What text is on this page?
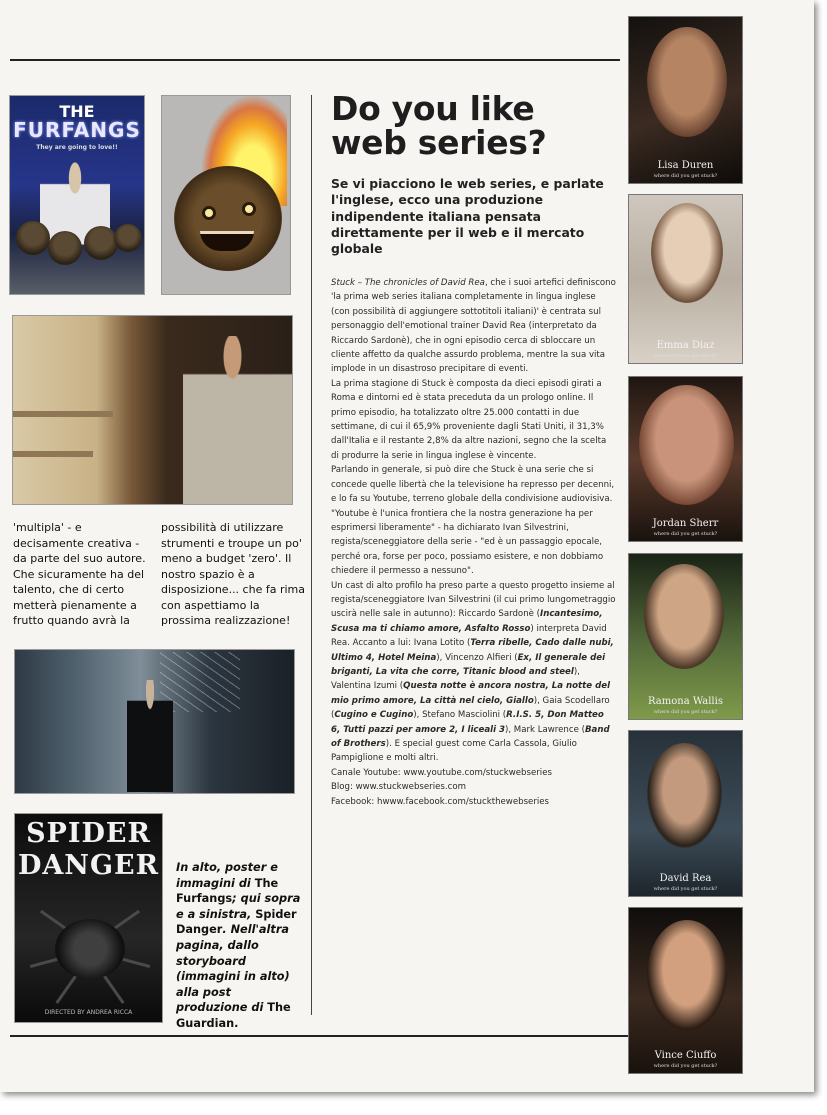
THE
FURFANGS
They are going to love!!
'multipla' - e decisamente creativa - da parte del suo autore. Che sicuramente ha del talento, che di certo metterà pienamente a frutto quando avrà la
possibilità di utilizzare strumenti e troupe un po' meno a budget 'zero'. Il nostro spazio è a disposizione... che fa rima con aspettiamo la prossima realizzazione!
SPIDER
DANGER
DIRECTED BY ANDREA RICCA
In alto, poster e immagini di The Furfangs; qui sopra e a sinistra, Spider Danger. Nell'altra pagina, dallo storyboard (immagini in alto) alla post produzione di The Guardian.
Do you like
web series?
Se vi piacciono le web series, e parlate l'inglese, ecco una produzione indipendente italiana pensata direttamente per il web e il mercato globale

Stuck – The chronicles of David Rea, che i suoi artefici definiscono 'la prima web series italiana completamente in lingua inglese (con possibilità di aggiungere sottotitoli italiani)' è centrata sul personaggio dell'emotional trainer David Rea (interpretato da Riccardo Sardonè), che in ogni episodio cerca di sbloccare un cliente affetto da qualche assurdo problema, mentre la sua vita implode in un disastroso precipitare di eventi.

La prima stagione di Stuck è composta da dieci episodi girati a Roma e dintorni ed è stata preceduta da un prologo online. Il primo episodio, ha totalizzato oltre 25.000 contatti in due settimane, di cui il 65,9% proveniente dagli Stati Uniti, il 31,3% dall'Italia e il restante 2,8% da altre nazioni, segno che la scelta di produrre la serie in lingua inglese è vincente.

Parlando in generale, si può dire che Stuck è una serie che si concede quelle libertà che la televisione ha represso per decenni, e lo fa su Youtube, terreno globale della condivisione audiovisiva.

"Youtube è l'unica frontiera che la nostra generazione ha per esprimersi liberamente" - ha dichiarato Ivan Silvestrini, regista/sceneggiatore della serie - "ed è un passaggio epocale, perché ora, forse per poco, possiamo esistere, e non dobbiamo chiedere il permesso a nessuno".

Un cast di alto profilo ha preso parte a questo progetto insieme al regista/sceneggiatore Ivan Silvestrini (il cui primo lungometraggio uscirà nelle sale in autunno): Riccardo Sardonè (Incantesimo, Scusa ma ti chiamo amore, Asfalto Rosso) interpreta David Rea. Accanto a lui: Ivana Lotito (Terra ribelle, Cado dalle nubi, Ultimo 4, Hotel Meina), Vincenzo Alfieri (Ex, Il generale dei briganti, La vita che corre, Titanic blood and steel), Valentina Izumi (Questa notte è ancora nostra, La notte del mio primo amore, La città nel cielo, Giallo), Gaia Scodellaro (Cugino e Cugino), Stefano Masciolini (R.I.S. 5, Don Matteo 6, Tutti pazzi per amore 2, I liceali 3), Mark Lawrence (Band of Brothers). E special guest come Carla Cassola, Giulio Pampiglione e molti altri.

Canale Youtube: www.youtube.com/stuckwebseries

Blog: www.stuckwebseries.com

Facebook: hwww.facebook.com/stuckthewebseries

Lisa Duren
where did you get stuck?
Emma Diaz
where did you get stuck?
Jordan Sherr
where did you get stuck?
Ramona Wallis
where did you get stuck?
David Rea
where did you get stuck?
Vince Ciuffo
where did you get stuck?
